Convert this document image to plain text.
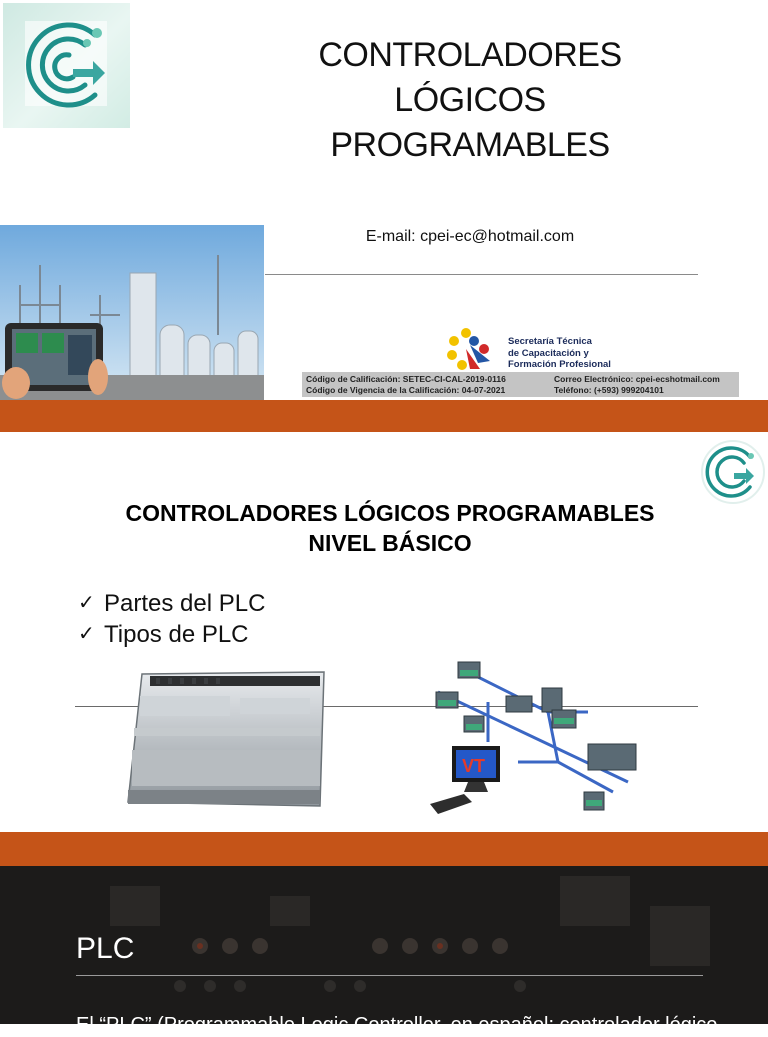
CONTROLADORES
LÓGICOS
PROGRAMABLES
E-mail: cpei-ec@hotmail.com
Secretaría Técnica
de Capacitación y
Formación Profesional
Código de Calificación: SETEC-CI-CAL-2019-0116
Código de Vigencia de la Calificación: 04-07-2021
Correo Electrónico: cpei-ecshotmail.com
Teléfono: (+593) 999204101
CONTROLADORES LÓGICOS PROGRAMABLES
NIVEL BÁSICO
✓ Partes del PLC
✓ Tipos de PLC
VT
PLC
El “PLC” (Programmable Logic Controller, en español: controlador lógico
